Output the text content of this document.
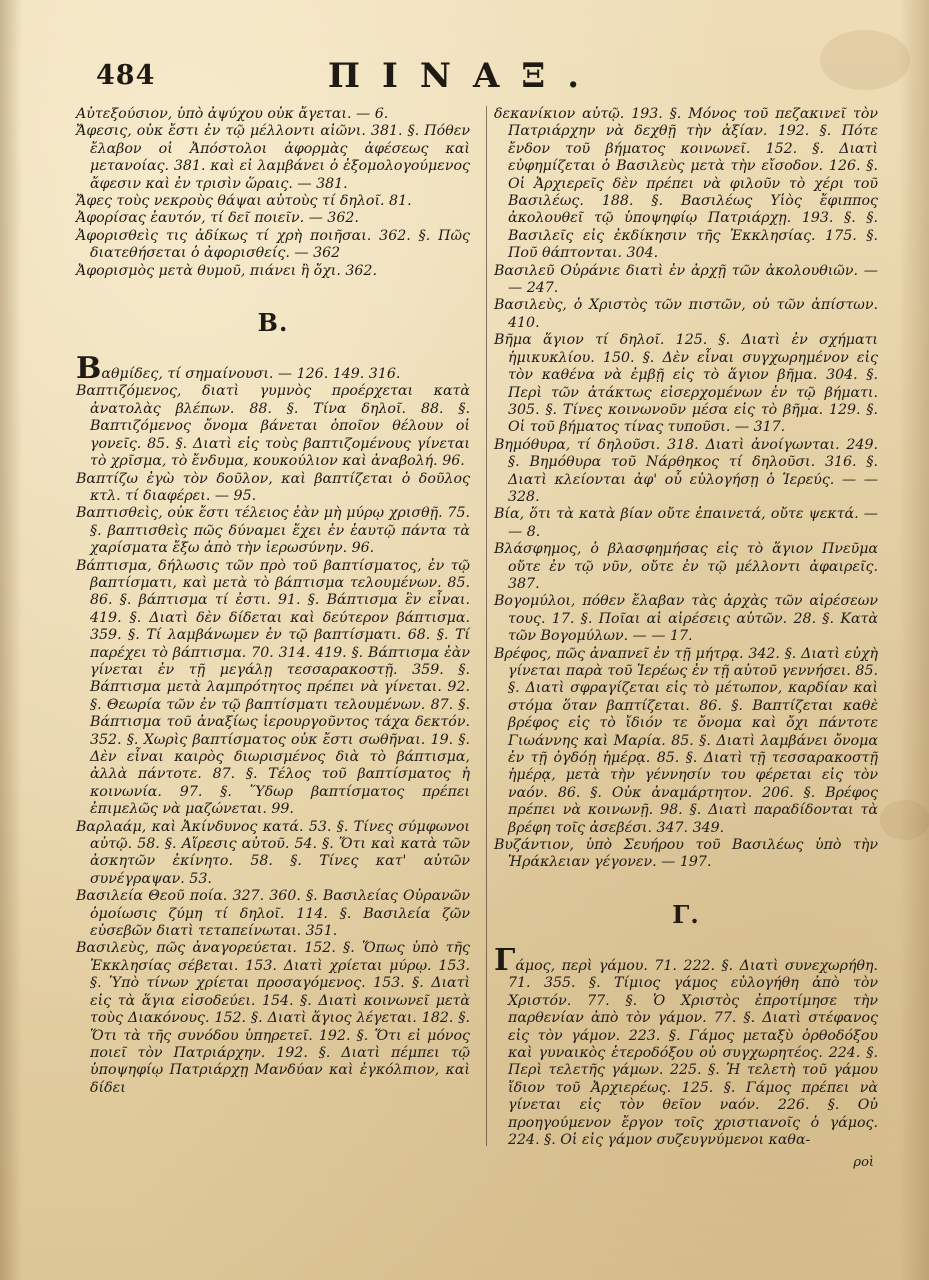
484	ΠΙΝΑΞ.

Αὐτεξούσιον, ὑπὸ ἀψύχου οὐκ ἄγεται. — 6.

Ἄφεσις, οὐκ ἔστι ἐν τῷ μέλλοντι αἰῶνι. 381. §. Πόθεν ἔλαβον οἱ Ἀπόστολοι ἀφορμὰς ἀφέσεως καὶ μετανοίας. 381. καὶ εἰ λαμβάνει ὁ ἐξομολογούμενος ἄφεσιν καὶ ἐν τρισὶν ὥραις. — 381.

Ἄφες τοὺς νεκροὺς θάψαι αὐτοὺς τί δηλοῖ. 81.

Ἀφορίσας ἑαυτόν, τί δεῖ ποιεῖν. — 362.

Ἀφορισθεὶς τις ἀδίκως τί χρὴ ποιῆσαι. 362. §. Πῶς διατεθήσεται ὁ ἀφορισθείς. — 362

Ἀφορισμὸς μετὰ θυμοῦ, πιάνει ἢ ὄχι. 362.

Β.

Βαθμίδες, τί σημαίνουσι. — 126. 149. 316.

Βαπτιζόμενος, διατὶ γυμνὸς προέρχεται κατὰ ἀνατολὰς βλέπων. 88. §. Τίνα δηλοῖ. 88. §. Βαπτιζόμενος ὄνομα βάνεται ὁποῖον θέλουν οἱ γονεῖς. 85. §. Διατὶ εἰς τοὺς βαπτιζομένους γίνεται τὸ χρῖσμα, τὸ ἔνδυμα, κουκούλιον καὶ ἀναβολή. 96.

Βαπτίζω ἐγὼ τὸν δοῦλον, καὶ βαπτίζεται ὁ δοῦλος κτλ. τί διαφέρει. — 95.

Βαπτισθεὶς, οὐκ ἔστι τέλειος ἐὰν μὴ μύρῳ χρισθῇ. 75. §. βαπτισθεὶς πῶς δύναμει ἔχει ἐν ἑαυτῷ πάντα τὰ χαρίσματα ἔξω ἀπὸ τὴν ἱερωσύνην. 96.

Βάπτισμα, δήλωσις τῶν πρὸ τοῦ βαπτίσματος, ἐν τῷ βαπτίσματι, καὶ μετὰ τὸ βάπτισμα τελουμένων. 85. 86. §. βάπτισμα τί ἐστι. 91. §. Βάπτισμα ἓν εἶναι. 419. §. Διατὶ δὲν δίδεται καὶ δεύτερον βάπτισμα. 359. §. Τί λαμβάνωμεν ἐν τῷ βαπτίσματι. 68. §. Τί παρέχει τὸ βάπτισμα. 70. 314. 419. §. Βάπτισμα ἐὰν γίνεται ἐν τῇ μεγάλῃ τεσσαρακοστῇ. 359. §. Βάπτισμα μετὰ λαμπρότητος πρέπει νὰ γίνεται. 92. §. Θεωρία τῶν ἐν τῷ βαπτίσματι τελουμένων. 87. §. Βάπτισμα τοῦ ἀναξίως ἱερουργοῦντος τάχα δεκτόν. 352. §. Χωρὶς βαπτίσματος οὐκ ἔστι σωθῆναι. 19. §. Δὲν εἶναι καιρὸς διωρισμένος διὰ τὸ βάπτισμα, ἀλλὰ πάντοτε. 87. §. Τέλος τοῦ βαπτίσματος ἡ κοινωνία. 97. §. Ὕδωρ βαπτίσματος πρέπει ἐπιμελῶς νὰ μαζώνεται. 99.

Βαρλαάμ, καὶ Ἀκίνδυνος κατά. 53. §. Τίνες σύμφωνοι αὐτῷ. 58. §. Αἵρεσις αὐτοῦ. 54. §. Ὅτι καὶ κατὰ τῶν ἀσκητῶν ἐκίνητο. 58. §. Τίνες κατ' αὐτῶν συνέγραψαν. 53.

Βασιλεία Θεοῦ ποία. 327. 360. §. Βασιλείας Οὐρανῶν ὁμοίωσις ζύμη τί δηλοῖ. 114. §. Βασιλεία ζῶν εὐσεβῶν διατὶ τεταπείνωται. 351.

Βασιλεὺς, πῶς ἀναγορεύεται. 152. §. Ὅπως ὑπὸ τῆς Ἐκκλησίας σέβεται. 153. Διατὶ χρίεται μύρῳ. 153. §. Ὑπὸ τίνων χρίεται προσαγόμενος. 153. §. Διατὶ εἰς τὰ ἅγια εἰσοδεύει. 154. §. Διατὶ κοινωνεῖ μετὰ τοὺς Διακόνους. 152. §. Διατὶ ἅγιος λέγεται. 182. §. Ὅτι τὰ τῆς συνόδου ὑπηρετεῖ. 192. §. Ὅτι εἰ μόνος ποιεῖ τὸν Πατριάρχην. 192. §. Διατὶ πέμπει τῷ ὑποψηφίῳ Πατριάρχῃ Μανδύαν καὶ ἐγκόλπιον, καὶ δίδει

δεκανίκιον αὐτῷ. 193. §. Μόνος τοῦ πεζακινεῖ τὸν Πατριάρχην νὰ δεχθῇ τὴν ἀξίαν. 192. §. Πότε ἔνδον τοῦ βήματος κοινωνεῖ. 152. §. Διατὶ εὐφημίζεται ὁ Βασιλεὺς μετὰ τὴν εἴσοδον. 126. §. Οἱ Ἀρχιερεῖς δὲν πρέπει νὰ φιλοῦν τὸ χέρι τοῦ Βασιλέως. 188. §. Βασιλέως Υἱὸς ἔφιππος ἀκολουθεῖ τῷ ὑποψηφίῳ Πατριάρχῃ. 193. §. §. Βασιλεῖς εἰς ἐκδίκησιν τῆς Ἐκκλησίας. 175. §. Ποῦ θάπτονται. 304.

Βασιλεῦ Οὐράνιε διατὶ ἐν ἀρχῇ τῶν ἀκολουθιῶν. — — 247.

Βασιλεὺς, ὁ Χριστὸς τῶν πιστῶν, οὐ τῶν ἀπίστων. 410.

Βῆμα ἅγιον τί δηλοῖ. 125. §. Διατὶ ἐν σχήματι ἡμικυκλίου. 150. §. Δὲν εἶναι συγχωρημένον εἰς τὸν καθένα νὰ ἐμβῇ εἰς τὸ ἅγιον βῆμα. 304. §. Περὶ τῶν ἀτάκτως εἰσερχομένων ἐν τῷ βήματι. 305. §. Τίνες κοινωνοῦν μέσα εἰς τὸ βῆμα. 129. §. Οἱ τοῦ βήματος τίνας τυποῦσι. — 317.

Βημόθυρα, τί δηλοῦσι. 318. Διατὶ ἀνοίγωνται. 249. §. Βημόθυρα τοῦ Νάρθηκος τί δηλοῦσι. 316. §. Διατὶ κλείονται ἀφ' οὗ εὐλογήσῃ ὁ Ἱερεύς. — — 328.

Βία, ὅτι τὰ κατὰ βίαν οὔτε ἐπαινετά, οὔτε ψεκτά. — — 8.

Βλάσφημος, ὁ βλασφημήσας εἰς τὸ ἅγιον Πνεῦμα οὔτε ἐν τῷ νῦν, οὔτε ἐν τῷ μέλλοντι ἀφαιρεῖς. 387.

Βογομύλοι, πόθεν ἔλαβαν τὰς ἀρχὰς τῶν αἱρέσεων τους. 17. §. Ποῖαι αἱ αἱρέσεις αὐτῶν. 28. §. Κατὰ τῶν Βογομύλων. — — 17.

Βρέφος, πῶς ἀναπνεῖ ἐν τῇ μήτρᾳ. 342. §. Διατὶ εὐχὴ γίνεται παρὰ τοῦ Ἱερέως ἐν τῇ αὐτοῦ γεννήσει. 85. §. Διατὶ σφραγίζεται εἰς τὸ μέτωπον, καρδίαν καὶ στόμα ὅταν βαπτίζεται. 86. §. Βαπτίζεται καθὲ βρέφος εἰς τὸ ἴδιόν τε ὄνομα καὶ ὄχι πάντοτε Γιωάννης καὶ Μαρία. 85. §. Διατὶ λαμβάνει ὄνομα ἐν τῇ ὀγδόῃ ἡμέρᾳ. 85. §. Διατὶ τῇ τεσσαρακοστῇ ἡμέρᾳ, μετὰ τὴν γέννησίν του φέρεται εἰς τὸν ναόν. 86. §. Οὐκ ἀναμάρτητον. 206. §. Βρέφος πρέπει νὰ κοινωνῇ. 98. §. Διατὶ παραδίδονται τὰ βρέφη τοῖς ἀσεβέσι. 347. 349.

Βυζάντιον, ὑπὸ Σευήρου τοῦ Βασιλέως ὑπὸ τὴν Ἡράκλειαν γέγονεν. — 197.

Γ.

Γάμος, περὶ γάμου. 71. 222. §. Διατὶ συνεχωρήθη. 71. 355. §. Τίμιος γάμος εὐλογήθη ἀπὸ τὸν Χριστόν. 77. §. Ὁ Χριστὸς ἐπροτίμησε τὴν παρθενίαν ἀπὸ τὸν γάμον. 77. §. Διατὶ στέφανος εἰς τὸν γάμον. 223. §. Γάμος μεταξὺ ὀρθοδόξου καὶ γυναικὸς ἑτεροδόξου οὐ συγχωρητέος. 224. §. Περὶ τελετῆς γάμων. 225. §. Ἡ τελετὴ τοῦ γάμου ἴδιον τοῦ Ἀρχιερέως. 125. §. Γάμος πρέπει νὰ γίνεται εἰς τὸν θεῖον ναόν. 226. §. Οὐ προηγούμενον ἔργον τοῖς χριστιανοῖς ὁ γάμος. 224. §. Οἱ εἰς γάμον συζευγνύμενοι καθα-

ροὶ
